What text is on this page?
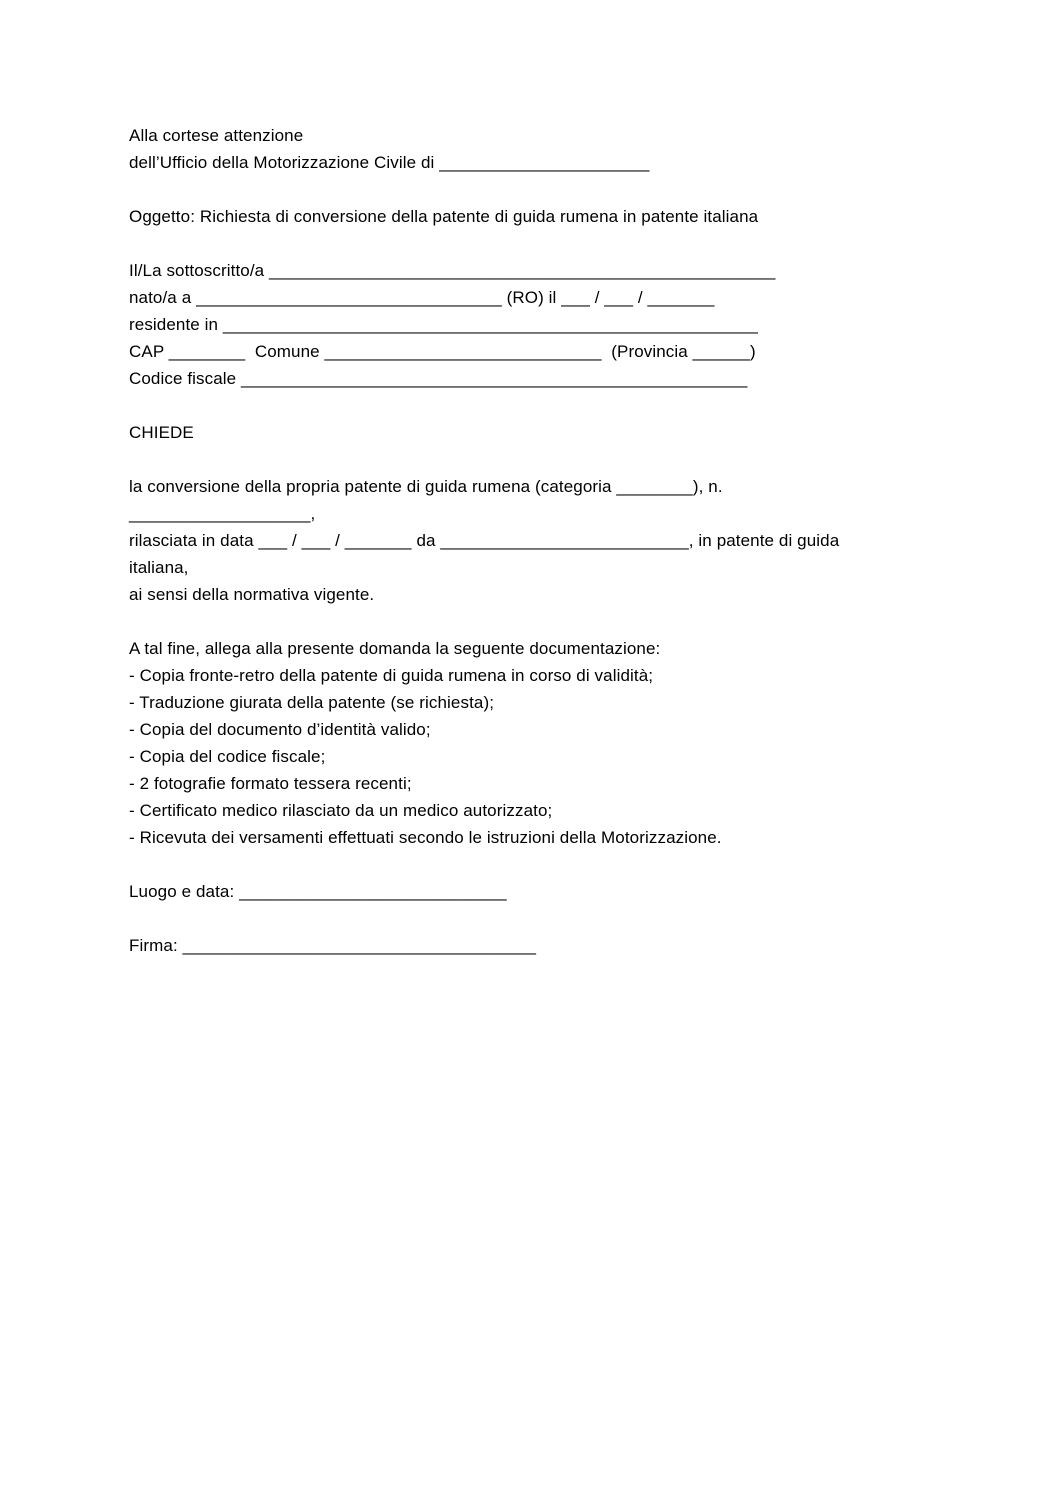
Alla cortese attenzione

dell’Ufficio della Motorizzazione Civile di ______________________

Oggetto: Richiesta di conversione della patente di guida rumena in patente italiana

Il/La sottoscritto/a _____________________________________________________

nato/a a ________________________________ (RO) il ___ / ___ / _______

residente in ________________________________________________________

CAP ________  Comune _____________________________  (Provincia ______)

Codice fiscale _____________________________________________________

CHIEDE

la conversione della propria patente di guida rumena (categoria ________), n.

___________________,

rilasciata in data ___ / ___ / _______ da __________________________, in patente di guida

italiana,

ai sensi della normativa vigente.

A tal fine, allega alla presente domanda la seguente documentazione:

- Copia fronte-retro della patente di guida rumena in corso di validità;

- Traduzione giurata della patente (se richiesta);

- Copia del documento d’identità valido;

- Copia del codice fiscale;

- 2 fotografie formato tessera recenti;

- Certificato medico rilasciato da un medico autorizzato;

- Ricevuta dei versamenti effettuati secondo le istruzioni della Motorizzazione.

Luogo e data: ____________________________

Firma: _____________________________________
